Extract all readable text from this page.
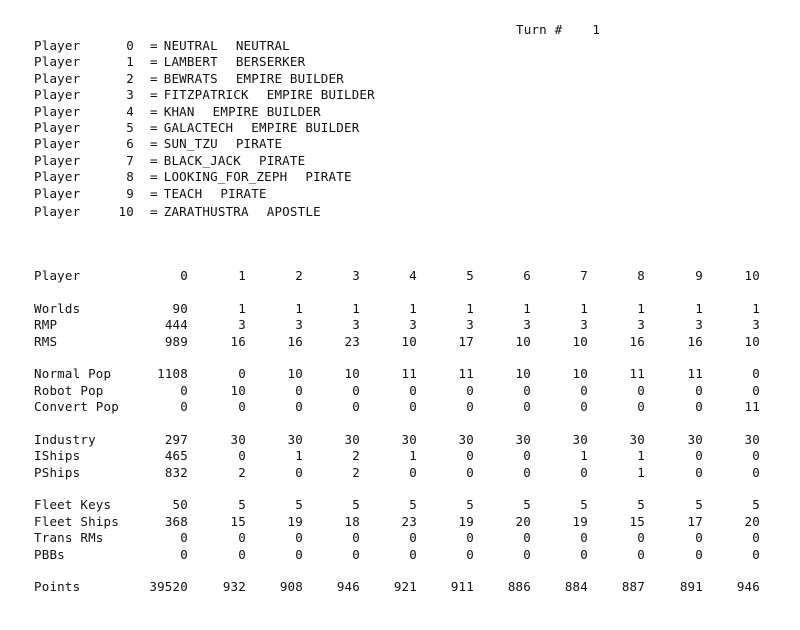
Turn # 1
Player	0 = NEUTRAL NEUTRAL
Player	1 = LAMBERT BERSERKER
Player	2 = BEWRATS EMPIRE BUILDER
Player	3 = FITZPATRICK EMPIRE BUILDER
Player	4 = KHAN EMPIRE BUILDER
Player	5 = GALACTECH EMPIRE BUILDER
Player	6 = SUN_TZU PIRATE
Player	7 = BLACK_JACK PIRATE
Player	8 = LOOKING_FOR_ZEPH PIRATE
Player	9 = TEACH PIRATE
Player	10 = ZARATHUSTRA APOSTLE
Player	0	1	2	3	4	5	6	7	8	9	10
Worlds	90	1	1	1	1	1	1	1	1	1	1
RMP	444	3	3	3	3	3	3	3	3	3	3
RMS	989	16	16	23	10	17	10	10	16	16	10
Normal Pop	1108	0	10	10	11	11	10	10	11	11	0
Robot Pop	0	10	0	0	0	0	0	0	0	0	0
Convert Pop	0	0	0	0	0	0	0	0	0	0	11
Industry	297	30	30	30	30	30	30	30	30	30	30
IShips	465	0	1	2	1	0	0	1	1	0	0
PShips	832	2	0	2	0	0	0	0	1	0	0
Fleet Keys	50	5	5	5	5	5	5	5	5	5	5
Fleet Ships	368	15	19	18	23	19	20	19	15	17	20
Trans RMs	0	0	0	0	0	0	0	0	0	0	0
PBBs	0	0	0	0	0	0	0	0	0	0	0
Points	39520	932	908	946	921	911	886	884	887	891	946
